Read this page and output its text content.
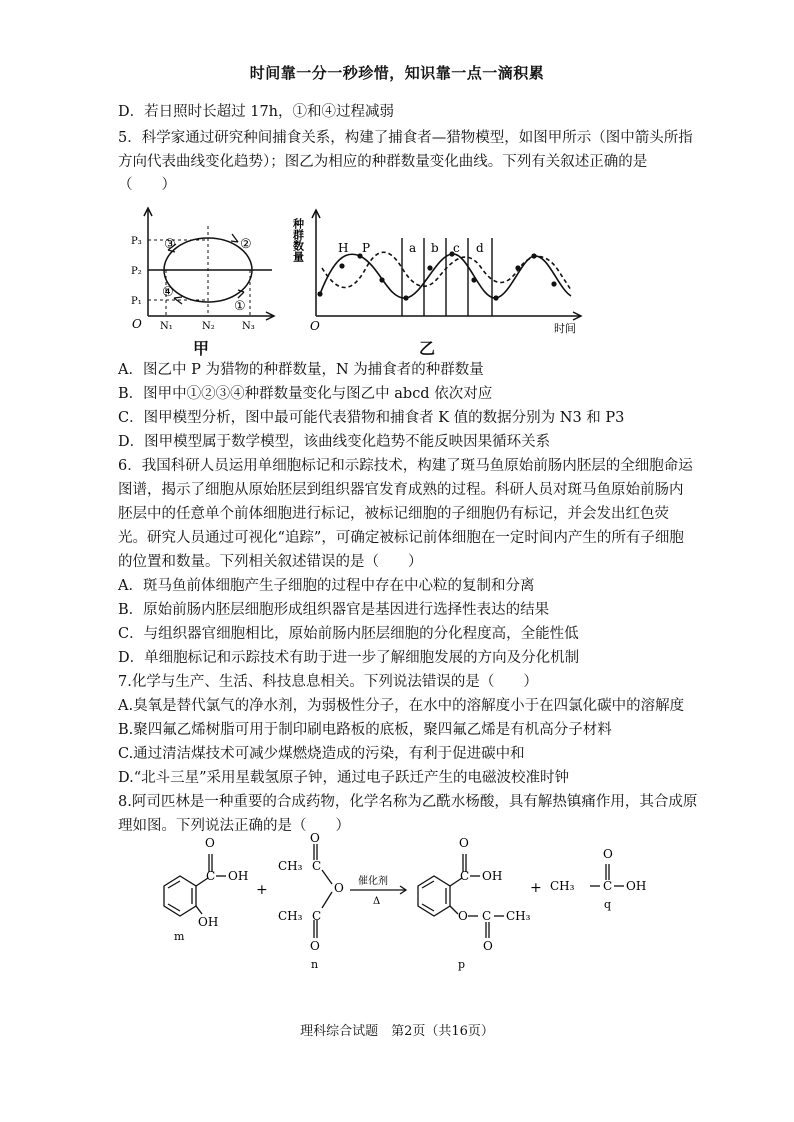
时间靠一分一秒珍惜，知识靠一点一滴积累
D．若日照时长超过 17h，①和④过程减弱
5．科学家通过研究种间捕食关系，构建了捕食者—猎物模型，如图甲所示（图中箭头所指
方向代表曲线变化趋势）；图乙为相应的种群数量变化曲线。下列有关叙述正确的是
（　　）
P₃
P₂
P₁
O N₁	N₂	N₃
②
①
④
③
甲
种群数量
O	时间
H P	a b c d
乙
A．图乙中 P 为猎物的种群数量，N 为捕食者的种群数量
B．图甲中①②③④种群数量变化与图乙中 abcd 依次对应
C．图甲模型分析，图中最可能代表猎物和捕食者 K 值的数据分别为 N3 和 P3
D．图甲模型属于数学模型，该曲线变化趋势不能反映因果循环关系
6．我国科研人员运用单细胞标记和示踪技术，构建了斑马鱼原始前肠内胚层的全细胞命运
图谱，揭示了细胞从原始胚层到组织器官发育成熟的过程。科研人员对斑马鱼原始前肠内
胚层中的任意单个前体细胞进行标记，被标记细胞的子细胞仍有标记，并会发出红色荧
光。研究人员通过可视化“追踪”，可确定被标记前体细胞在一定时间内产生的所有子细胞
的位置和数量。下列相关叙述错误的是（　　）
A．斑马鱼前体细胞产生子细胞的过程中存在中心粒的复制和分离
B．原始前肠内胚层细胞形成组织器官是基因进行选择性表达的结果
C．与组织器官细胞相比，原始前肠内胚层细胞的分化程度高，全能性低
D．单细胞标记和示踪技术有助于进一步了解细胞发展的方向及分化机制
7.化学与生产、生活、科技息息相关。下列说法错误的是（　　）
A.臭氧是替代氯气的净水剂，为弱极性分子，在水中的溶解度小于在四氯化碳中的溶解度
B.聚四氟乙烯树脂可用于制印刷电路板的底板，聚四氟乙烯是有机高分子材料
C.通过清洁煤技术可减少煤燃烧造成的污染，有利于促进碳中和
D.“北斗三星”采用星载氢原子钟，通过电子跃迁产生的电磁波校准时钟
8.阿司匹林是一种重要的合成药物，化学名称为乙酰水杨酸，具有解热镇痛作用，其合成原
理如图。下列说法正确的是（　　）
O
C OH
OH
m
+
O
CH₃ C
O
CH₃ C
O
n
催化剂
Δ
O
C OH
O C CH₃
O
p
+ CH₃
O
C OH
q
理科综合试题　第2页（共16页）
